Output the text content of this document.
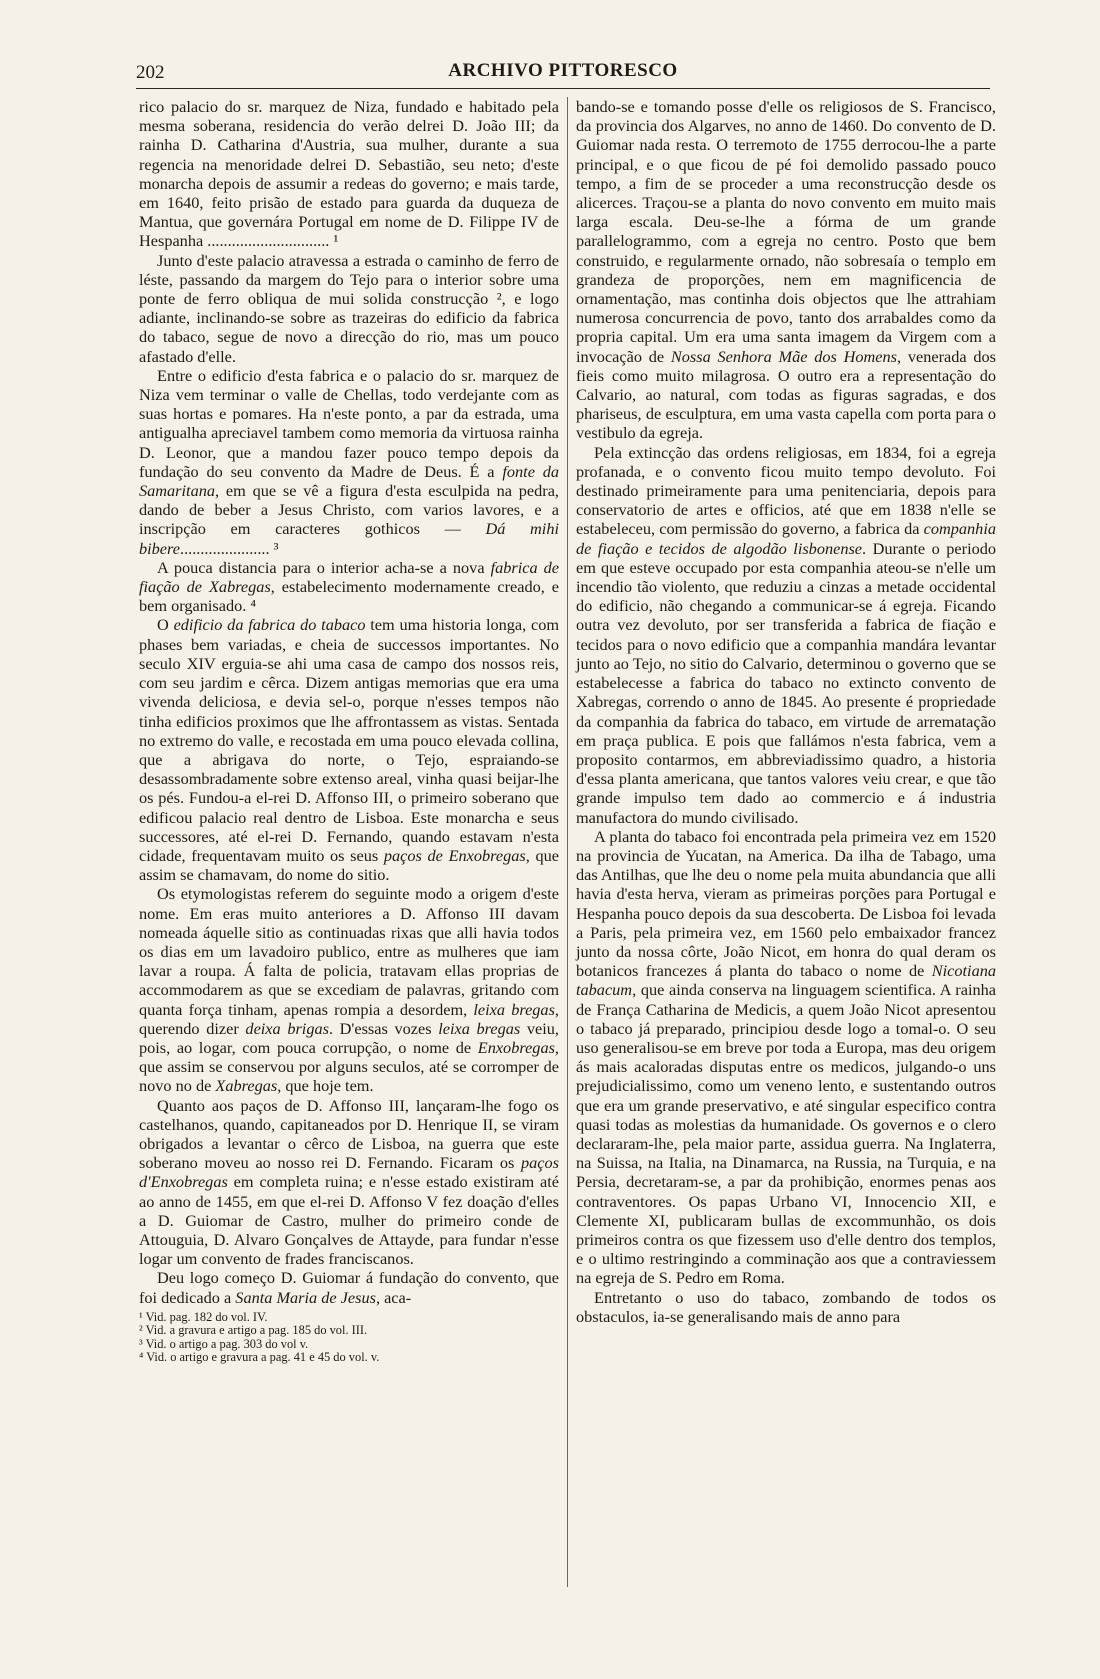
202	ARCHIVO PITTORESCO

rico palacio do sr. marquez de Niza, fundado e habitado pela mesma soberana, residencia do verão delrei D. João III; da rainha D. Catharina d'Austria, sua mulher, durante a sua regencia na menoridade delrei D. Sebastião, seu neto; d'este monarcha depois de assumir a redeas do governo; e mais tarde, em 1640, feito prisão de estado para guarda da duqueza de Mantua, que governára Portugal em nome de D. Filippe IV de Hespanha .............................. ¹

Junto d'este palacio atravessa a estrada o caminho de ferro de léste, passando da margem do Tejo para o interior sobre uma ponte de ferro obliqua de mui solida construcção ², e logo adiante, inclinando-se sobre as trazeiras do edificio da fabrica do tabaco, segue de novo a direcção do rio, mas um pouco afastado d'elle.

Entre o edificio d'esta fabrica e o palacio do sr. marquez de Niza vem terminar o valle de Chellas, todo verdejante com as suas hortas e pomares. Ha n'este ponto, a par da estrada, uma antigualha apreciavel tambem como memoria da virtuosa rainha D. Leonor, que a mandou fazer pouco tempo depois da fundação do seu convento da Madre de Deus. É a fonte da Samaritana, em que se vê a figura d'esta esculpida na pedra, dando de beber a Jesus Christo, com varios lavores, e a inscripção em caracteres gothicos — Dá mihi bibere...................... ³

A pouca distancia para o interior acha-se a nova fabrica de fiação de Xabregas, estabelecimento modernamente creado, e bem organisado. ⁴

O edificio da fabrica do tabaco tem uma historia longa, com phases bem variadas, e cheia de successos importantes. No seculo XIV erguia-se ahi uma casa de campo dos nossos reis, com seu jardim e cêrca. Dizem antigas memorias que era uma vivenda deliciosa, e devia sel-o, porque n'esses tempos não tinha edificios proximos que lhe affrontassem as vistas. Sentada no extremo do valle, e recostada em uma pouco elevada collina, que a abrigava do norte, o Tejo, espraiando-se desassombradamente sobre extenso areal, vinha quasi beijar-lhe os pés. Fundou-a el-rei D. Affonso III, o primeiro soberano que edificou palacio real dentro de Lisboa. Este monarcha e seus successores, até el-rei D. Fernando, quando estavam n'esta cidade, frequentavam muito os seus paços de Enxobregas, que assim se chamavam, do nome do sitio.

Os etymologistas referem do seguinte modo a origem d'este nome. Em eras muito anteriores a D. Affonso III davam nomeada áquelle sitio as continuadas rixas que alli havia todos os dias em um lavadoiro publico, entre as mulheres que iam lavar a roupa. Á falta de policia, tratavam ellas proprias de accommodarem as que se excediam de palavras, gritando com quanta força tinham, apenas rompia a desordem, leixa bregas, querendo dizer deixa brigas. D'essas vozes leixa bregas veiu, pois, ao logar, com pouca corrupção, o nome de Enxobregas, que assim se conservou por alguns seculos, até se corromper de novo no de Xabregas, que hoje tem.

Quanto aos paços de D. Affonso III, lançaram-lhe fogo os castelhanos, quando, capitaneados por D. Henrique II, se viram obrigados a levantar o cêrco de Lisboa, na guerra que este soberano moveu ao nosso rei D. Fernando. Ficaram os paços d'Enxobregas em completa ruina; e n'esse estado existiram até ao anno de 1455, em que el-rei D. Affonso V fez doação d'elles a D. Guiomar de Castro, mulher do primeiro conde de Attouguia, D. Alvaro Gonçalves de Attayde, para fundar n'esse logar um convento de frades franciscanos.

Deu logo começo D. Guiomar á fundação do convento, que foi dedicado a Santa Maria de Jesus, aca-

¹ Vid. pag. 182 do vol. IV.

² Vid. a gravura e artigo a pag. 185 do vol. III.

³ Vid. o artigo a pag. 303 do vol v.

⁴ Vid. o artigo e gravura a pag. 41 e 45 do vol. v.

bando-se e tomando posse d'elle os religiosos de S. Francisco, da provincia dos Algarves, no anno de 1460. Do convento de D. Guiomar nada resta. O terremoto de 1755 derrocou-lhe a parte principal, e o que ficou de pé foi demolido passado pouco tempo, a fim de se proceder a uma reconstrucção desde os alicerces. Traçou-se a planta do novo convento em muito mais larga escala. Deu-se-lhe a fórma de um grande parallelogrammo, com a egreja no centro. Posto que bem construido, e regularmente ornado, não sobresaía o templo em grandeza de proporções, nem em magnificencia de ornamentação, mas continha dois objectos que lhe attrahiam numerosa concurrencia de povo, tanto dos arrabaldes como da propria capital. Um era uma santa imagem da Virgem com a invocação de Nossa Senhora Mãe dos Homens, venerada dos fieis como muito milagrosa. O outro era a representação do Calvario, ao natural, com todas as figuras sagradas, e dos phariseus, de esculptura, em uma vasta capella com porta para o vestibulo da egreja.

Pela extincção das ordens religiosas, em 1834, foi a egreja profanada, e o convento ficou muito tempo devoluto. Foi destinado primeiramente para uma penitenciaria, depois para conservatorio de artes e officios, até que em 1838 n'elle se estabeleceu, com permissão do governo, a fabrica da companhia de fiação e tecidos de algodão lisbonense. Durante o periodo em que esteve occupado por esta companhia ateou-se n'elle um incendio tão violento, que reduziu a cinzas a metade occidental do edificio, não chegando a communicar-se á egreja. Ficando outra vez devoluto, por ser transferida a fabrica de fiação e tecidos para o novo edificio que a companhia mandára levantar junto ao Tejo, no sitio do Calvario, determinou o governo que se estabelecesse a fabrica do tabaco no extincto convento de Xabregas, correndo o anno de 1845. Ao presente é propriedade da companhia da fabrica do tabaco, em virtude de arrematação em praça publica. E pois que fallámos n'esta fabrica, vem a proposito contarmos, em abbreviadissimo quadro, a historia d'essa planta americana, que tantos valores veiu crear, e que tão grande impulso tem dado ao commercio e á industria manufactora do mundo civilisado.

A planta do tabaco foi encontrada pela primeira vez em 1520 na provincia de Yucatan, na America. Da ilha de Tabago, uma das Antilhas, que lhe deu o nome pela muita abundancia que alli havia d'esta herva, vieram as primeiras porções para Portugal e Hespanha pouco depois da sua descoberta. De Lisboa foi levada a Paris, pela primeira vez, em 1560 pelo embaixador francez junto da nossa côrte, João Nicot, em honra do qual deram os botanicos francezes á planta do tabaco o nome de Nicotiana tabacum, que ainda conserva na linguagem scientifica. A rainha de França Catharina de Medicis, a quem João Nicot apresentou o tabaco já preparado, principiou desde logo a tomal-o. O seu uso generalisou-se em breve por toda a Europa, mas deu origem ás mais acaloradas disputas entre os medicos, julgando-o uns prejudicialissimo, como um veneno lento, e sustentando outros que era um grande preservativo, e até singular especifico contra quasi todas as molestias da humanidade. Os governos e o clero declararam-lhe, pela maior parte, assidua guerra. Na Inglaterra, na Suissa, na Italia, na Dinamarca, na Russia, na Turquia, e na Persia, decretaram-se, a par da prohibição, enormes penas aos contraventores. Os papas Urbano VI, Innocencio XII, e Clemente XI, publicaram bullas de excommunhão, os dois primeiros contra os que fizessem uso d'elle dentro dos templos, e o ultimo restringindo a comminação aos que a contraviessem na egreja de S. Pedro em Roma.

Entretanto o uso do tabaco, zombando de todos os obstaculos, ia-se generalisando mais de anno para
